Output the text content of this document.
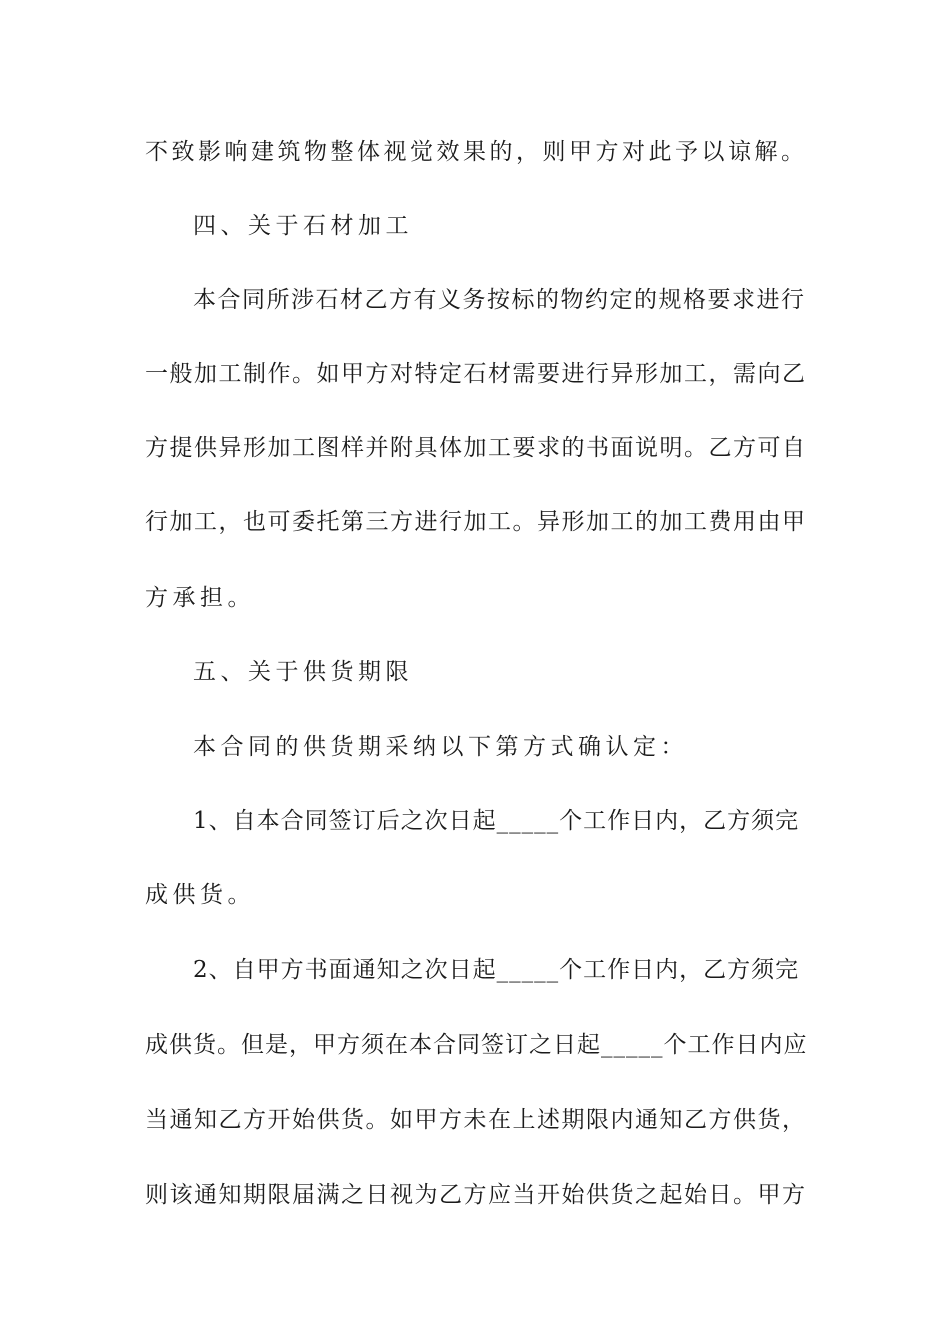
不致影响建筑物整体视觉效果的，则甲方对此予以谅解。
四、关于石材加工
本合同所涉石材乙方有义务按标的物约定的规格要求进行
一般加工制作。如甲方对特定石材需要进行异形加工，需向乙
方提供异形加工图样并附具体加工要求的书面说明。乙方可自
行加工，也可委托第三方进行加工。异形加工的加工费用由甲
方承担。
五、关于供货期限
本合同的供货期采纳以下第方式确认定：
1、自本合同签订后之次日起_____个工作日内，乙方须完
成供货。
2、自甲方书面通知之次日起_____个工作日内，乙方须完
成供货。但是，甲方须在本合同签订之日起_____个工作日内应
当通知乙方开始供货。如甲方未在上述期限内通知乙方供货，
则该通知期限届满之日视为乙方应当开始供货之起始日。甲方
